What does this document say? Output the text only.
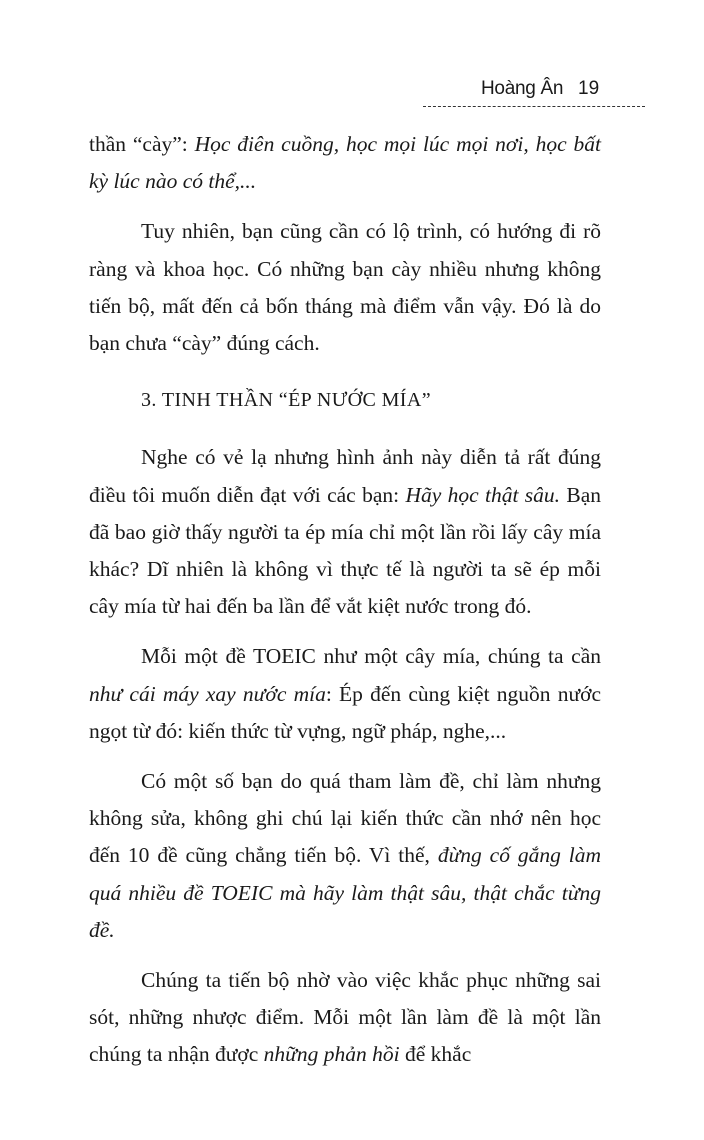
Hoàng Ân 19

thần “cày”: Học điên cuồng, học mọi lúc mọi nơi, học bất kỳ lúc nào có thể,...

Tuy nhiên, bạn cũng cần có lộ trình, có hướng đi rõ ràng và khoa học. Có những bạn cày nhiều nhưng không tiến bộ, mất đến cả bốn tháng mà điểm vẫn vậy. Đó là do bạn chưa “cày” đúng cách.

3. TINH THẦN “ÉP NƯỚC MÍA”

Nghe có vẻ lạ nhưng hình ảnh này diễn tả rất đúng điều tôi muốn diễn đạt với các bạn: Hãy học thật sâu. Bạn đã bao giờ thấy người ta ép mía chỉ một lần rồi lấy cây mía khác? Dĩ nhiên là không vì thực tế là người ta sẽ ép mỗi cây mía từ hai đến ba lần để vắt kiệt nước trong đó.

Mỗi một đề TOEIC như một cây mía, chúng ta cần như cái máy xay nước mía: Ép đến cùng kiệt nguồn nước ngọt từ đó: kiến thức từ vựng, ngữ pháp, nghe,...

Có một số bạn do quá tham làm đề, chỉ làm nhưng không sửa, không ghi chú lại kiến thức cần nhớ nên học đến 10 đề cũng chẳng tiến bộ. Vì thế, đừng cố gắng làm quá nhiều đề TOEIC mà hãy làm thật sâu, thật chắc từng đề.

Chúng ta tiến bộ nhờ vào việc khắc phục những sai sót, những nhược điểm. Mỗi một lần làm đề là một lần chúng ta nhận được những phản hồi để khắc
